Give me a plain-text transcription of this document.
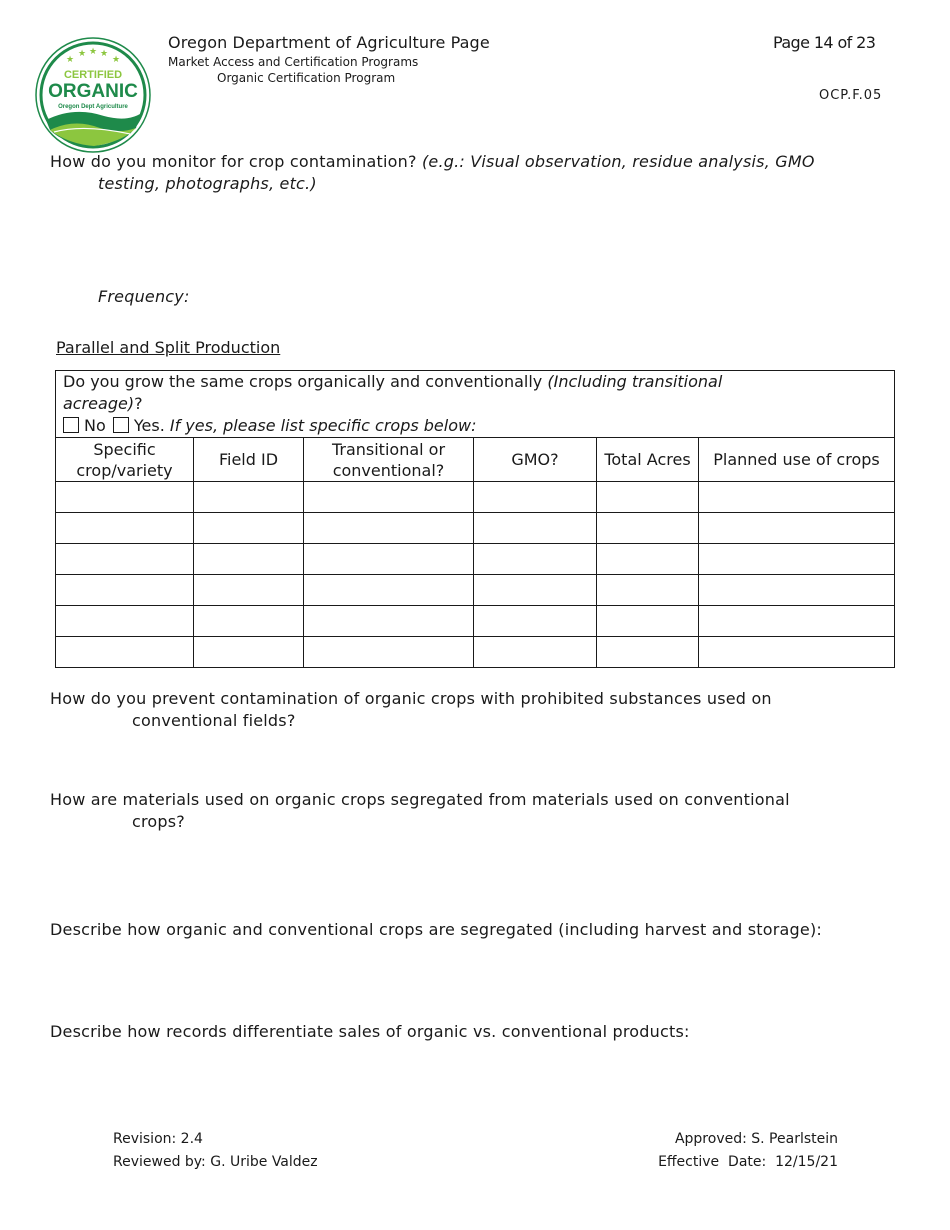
★
★ ★ ★
★
CERTIFIED
ORGANIC
Oregon Dept Agriculture
Oregon Department of Agriculture Page
Market Access and Certification Programs
Organic Certification Program
Page 14 of 23
OCP.F.05
How do you monitor for crop contamination? (e.g.: Visual observation, residue analysis, GMO
testing, photographs, etc.)
Frequency:
Parallel and Split Production
Do you grow the same crops organically and conventionally (Including transitional
acreage)?
No Yes. If yes, please list specific crops below:					
Specific crop/variety	Field ID	Transitional or conventional?	GMO?	Total Acres	Planned use of crops

How do you prevent contamination of organic crops with prohibited substances used on
conventional fields?
How are materials used on organic crops segregated from materials used on conventional
crops?
Describe how organic and conventional crops are segregated (including harvest and storage):
Describe how records differentiate sales of organic vs. conventional products:
Revision: 2.4
Reviewed by: G. Uribe Valdez
Approved: S. Pearlstein
Effective  Date:  12/15/21
